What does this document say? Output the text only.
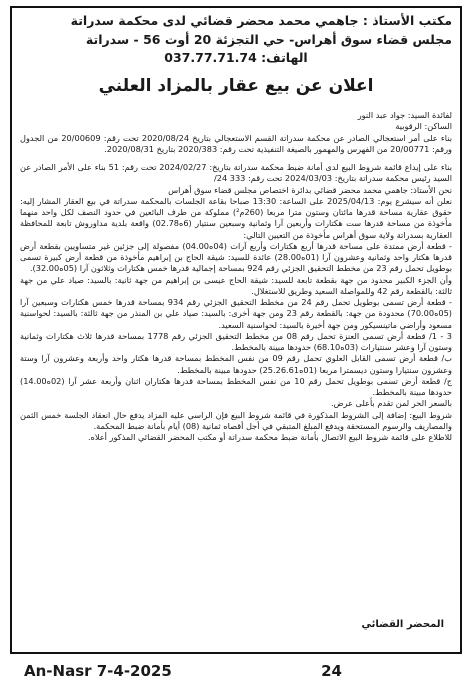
مكتب الأستاذ : جاهمي محمد محضر قضائي لدى محكمة سدراتة
مجلس قضاء سوق أهراس- حي التجزئة 20 أوت 56 - سدراتة
الهاتف: 037.77.71.74
اعلان عن بيع عقار بالمزاد العلني

لفائدة السيد: جواد عبد النور

الساكن: الرقوبية

بناء على أمر استعجالي الصادر عن محكمة سدراتة القسم الاستعجالي بتاريخ 2020/08/24 تحت رقم: 20/00609 من الجدول ورقم: 20/00771 من الفهرس والمهمور بالصيغة التنفيذية تحت رقم: 2020/383 بتاريخ 2020/08/31.

بناء على إيداع قائمة شروط البيع لدى أمانة ضبط محكمة سدراتة بتاريخ: 2024/02/27 تحت رقم: 51 بناء على الأمر الصادر عن السيد رئيس محكمة سدراتة بتاريخ: 2024/03/03 تحت رقم: 333 24/

نحن الأستاذ: جاهمي محمد محضر قضائي بدائرة اختصاص مجلس قضاء سوق أهراس

نعلن أنه سيشرع يوم: 2025/04/13 على الساعة: 13:30 صباحا بقاعة الجلسات بالمحكمة سدراتة في بيع العقار المشار إليه: حقوق عقارية مساحة قدرها مائتان وستون مترا مربعا (260م²) مملوكة من طرف البائعين في حدود النصف لكل واحد منهما مأخوذة من مساحة قدرها ست هكتارات وأربعين آرا وثمانية وسبعين سنتيار (6ه02.78) واقعة بلدية مداوروش تابعة للمحافظة العقارية بسدراتة ولاية سوق أهراس مأخوذة من التعيين التالي:

- قطعة أرض ممتدة على مساحة قدرها أربع هكتارات وأربع آرات (04ه04.00) مفصولة إلى جزئين غير متساويين بقطعة أرض قدرها هكتار واحد وثمانية وعشرون آرا (01ه28.00) عائدة للسيد: شيقة الحاج بن إبراهيم مأخوذة من قطعة أرض كبيرة تسمى بوطويل تحمل رقم 23 من مخطط التحقيق الجزئي رقم 924 بمساحة إجمالية قدرها خمس هكتارات وثلاثون آرا (05ه32.00).

وأن الجزء الكبير محدود من جهة بقطعة تابعة للسيد: شيقة الحاج عيسى بن إبراهيم من جهة ثانية: بالسيد: صياد علي من جهة ثالثة: بالقطعة رقم 42 وللمواصلة السعيد وطريق للاستغلال.

- قطعة أرض تسمى بوطويل تحمل رقم 24 من مخطط التحقيق الجزئي رقم 934 بمساحة قدرها خمس هكتارات وسبعين آرا (05ه70.00) محدودة من جهة: بالقطعة رقم 23 ومن جهة أخرى: بالسيد: صياد علي بن المنذر من جهة ثالثة: بالسيد: لحواسنية مسعود وأراضي ماتينسيكور ومن جهة أخيرة بالسيد: لحواسنية السعيد.

3 - 1/ قطعة أرض تسمى العنزة تحمل رقم 08 من مخطط التحقيق الجزئي رقم 1778 بمساحة قدرها ثلاث هكتارات وثمانية وستون آرا وعشر سنتيارات (03ه68.10) حدودها مبينة بالمخطط.

ب/ قطعة أرض تسمى القابل العلوي تحمل رقم 09 من نفس المخطط بمساحة قدرها هكتار واحد وأربعة وعشرون آرا وستة وعشرون سنتيارا وستون ديسمترا مربعا (01ه25.26.61) حدودها مبينة بالمخطط.

ج/ قطعة أرض تسمى بوطويل تحمل رقم 10 من نفس المخطط بمساحة قدرها هكتاران اثنان وأربعة عشر آرا (02ه14.00) حدودها مبينة بالمخطط.

بالسعر الحر لمن تقدم بأعلى عرض.

شروط البيع: إضافة إلى الشروط المذكورة في قائمة شروط البيع فإن الراسي عليه المزاد يدفع حال انعقاد الجلسة خمس الثمن والمصاريف والرسوم المستحقة ويدفع المبلغ المتبقي في أجل أقصاه ثمانية (08) أيام بأمانة ضبط المحكمة.

للاطلاع على قائمة شروط البيع الاتصال بأمانة ضبط محكمة سدراتة أو مكتب المحضر القضائي المذكور أعلاه.

المحضر القضائي
An-Nasr 7-4-2025	24
